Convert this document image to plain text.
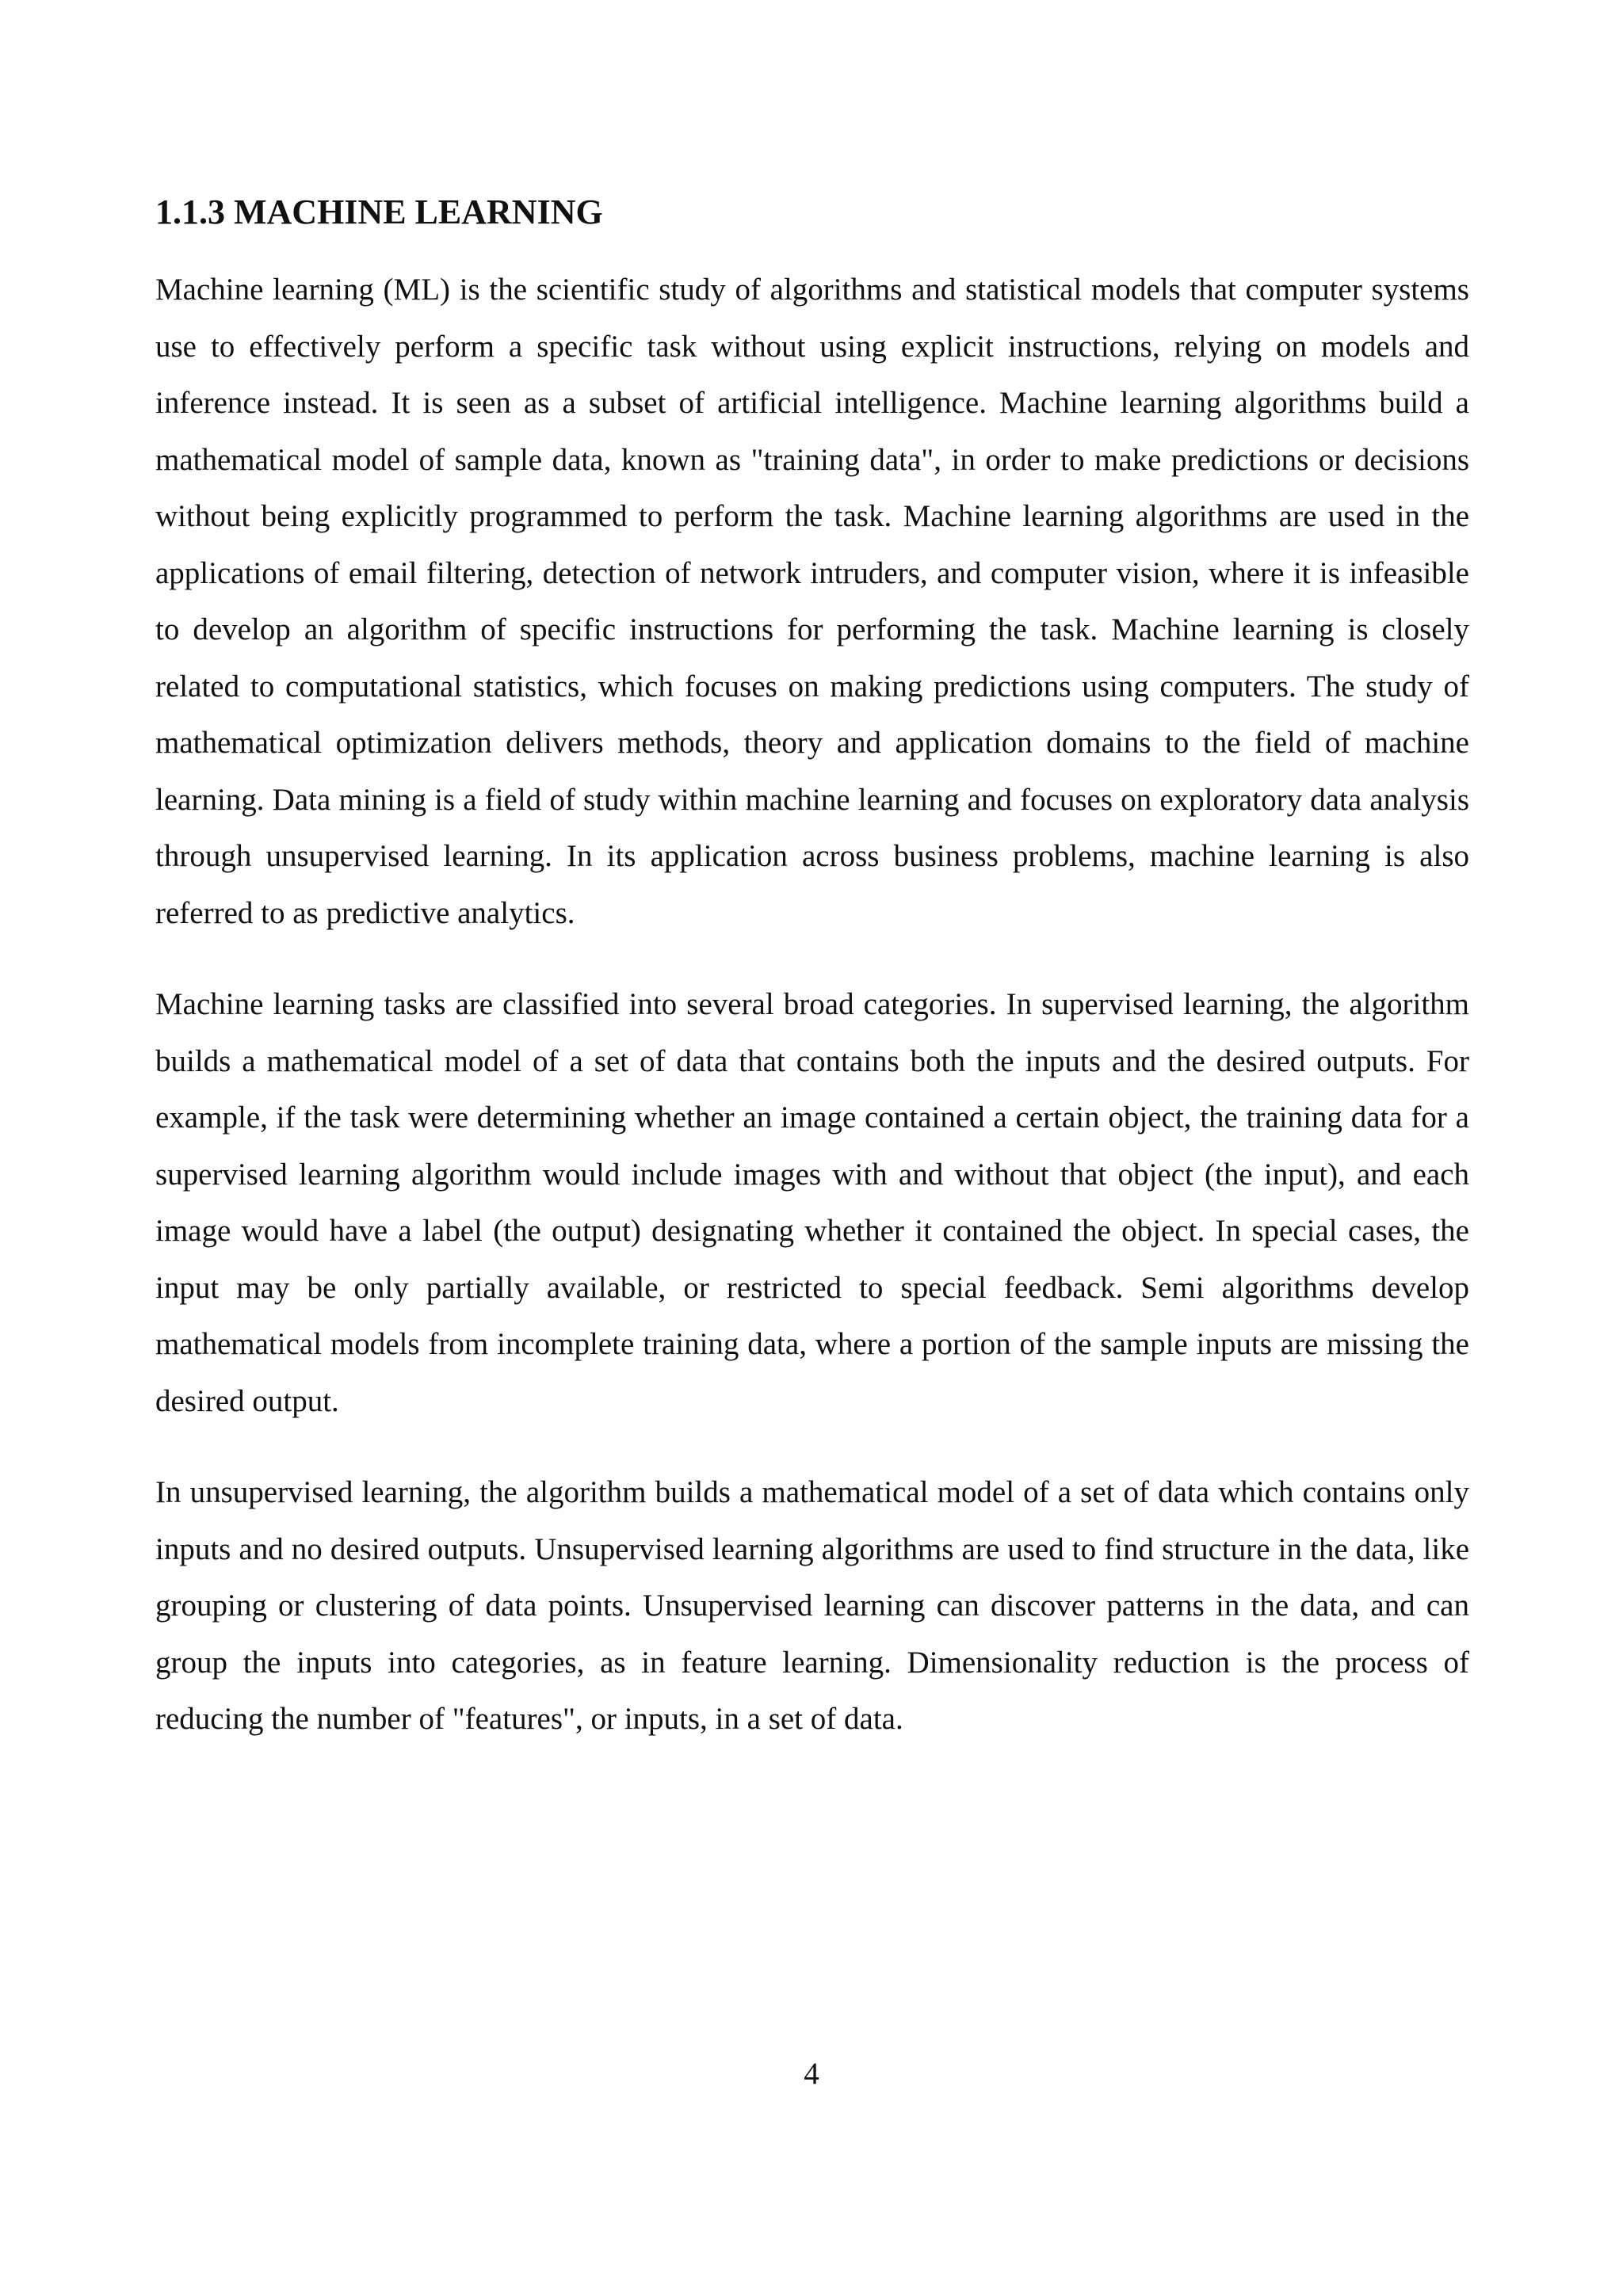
1.1.3 MACHINE LEARNING

Machine learning (ML) is the scientific study of algorithms and statistical models that computer systems use to effectively perform a specific task without using explicit instructions, relying on models and inference instead. It is seen as a subset of artificial intelligence. Machine learning algorithms build a mathematical model of sample data, known as "training data", in order to make predictions or decisions without being explicitly programmed to perform the task. Machine learning algorithms are used in the applications of email filtering, detection of network intruders, and computer vision, where it is infeasible to develop an algorithm of specific instructions for performing the task. Machine learning is closely related to computational statistics, which focuses on making predictions using computers. The study of mathematical optimization delivers methods, theory and application domains to the field of machine learning. Data mining is a field of study within machine learning and focuses on exploratory data analysis through unsupervised learning. In its application across business problems, machine learning is also referred to as predictive analytics.

Machine learning tasks are classified into several broad categories. In supervised learning, the algorithm builds a mathematical model of a set of data that contains both the inputs and the desired outputs. For example, if the task were determining whether an image contained a certain object, the training data for a supervised learning algorithm would include images with and without that object (the input), and each image would have a label (the output) designating whether it contained the object. In special cases, the input may be only partially available, or restricted to special feedback. Semi algorithms develop mathematical models from incomplete training data, where a portion of the sample inputs are missing the desired output.

In unsupervised learning, the algorithm builds a mathematical model of a set of data which contains only inputs and no desired outputs. Unsupervised learning algorithms are used to find structure in the data, like grouping or clustering of data points. Unsupervised learning can discover patterns in the data, and can group the inputs into categories, as in feature learning. Dimensionality reduction is the process of reducing the number of "features", or inputs, in a set of data.

4
